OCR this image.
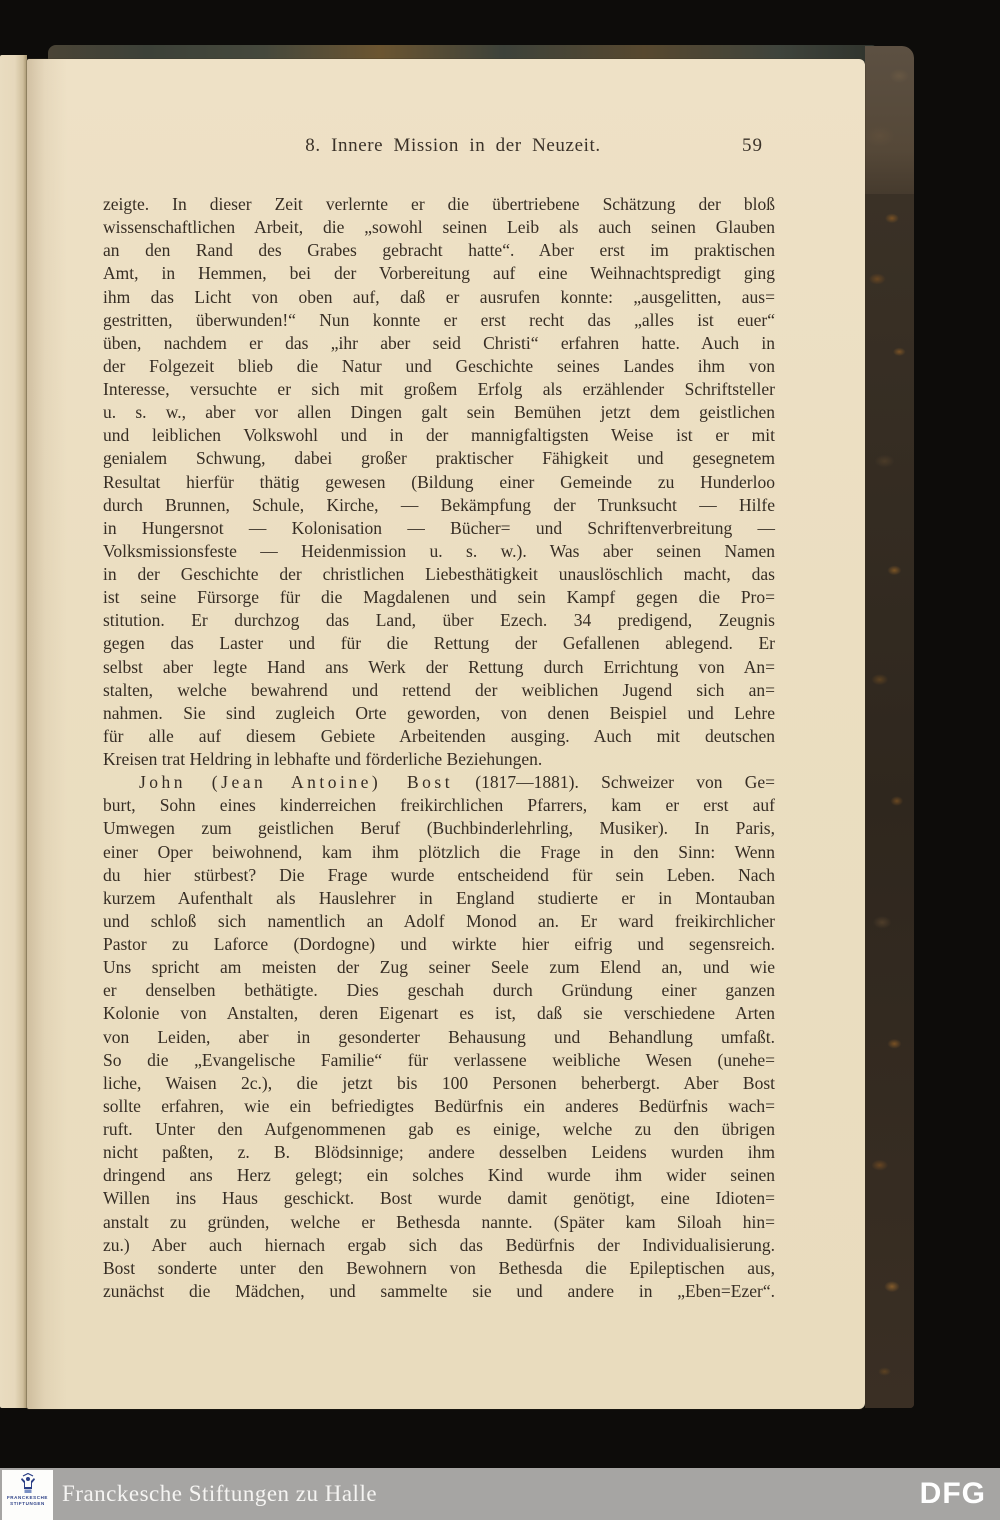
8. Innere Mission in der Neuzeit.	59
zeigte. In dieser Zeit verlernte er die übertriebene Schätzung der bloß
wissenschaftlichen Arbeit, die „sowohl seinen Leib als auch seinen Glauben
an den Rand des Grabes gebracht hatte“. Aber erst im praktischen
Amt, in Hemmen, bei der Vorbereitung auf eine Weihnachtspredigt ging
ihm das Licht von oben auf, daß er ausrufen konnte: „ausgelitten, aus=
gestritten, überwunden!“ Nun konnte er erst recht das „alles ist euer“
üben, nachdem er das „ihr aber seid Christi“ erfahren hatte. Auch in
der Folgezeit blieb die Natur und Geschichte seines Landes ihm von
Interesse, versuchte er sich mit großem Erfolg als erzählender Schriftsteller
u. s. w., aber vor allen Dingen galt sein Bemühen jetzt dem geistlichen
und leiblichen Volkswohl und in der mannigfaltigsten Weise ist er mit
genialem Schwung, dabei großer praktischer Fähigkeit und gesegnetem
Resultat hierfür thätig gewesen (Bildung einer Gemeinde zu Hunderloo
durch Brunnen, Schule, Kirche, — Bekämpfung der Trunksucht — Hilfe
in Hungersnot — Kolonisation — Bücher= und Schriftenverbreitung —
Volksmissionsfeste — Heidenmission u. s. w.). Was aber seinen Namen
in der Geschichte der christlichen Liebesthätigkeit unauslöschlich macht, das
ist seine Fürsorge für die Magdalenen und sein Kampf gegen die Pro=
stitution. Er durchzog das Land, über Ezech. 34 predigend, Zeugnis
gegen das Laster und für die Rettung der Gefallenen ablegend. Er
selbst aber legte Hand ans Werk der Rettung durch Errichtung von An=
stalten, welche bewahrend und rettend der weiblichen Jugend sich an=
nahmen. Sie sind zugleich Orte geworden, von denen Beispiel und Lehre
für alle auf diesem Gebiete Arbeitenden ausging. Auch mit deutschen
Kreisen trat Heldring in lebhafte und förderliche Beziehungen.
John (Jean Antoine) Bost (1817—1881). Schweizer von Ge=
burt, Sohn eines kinderreichen freikirchlichen Pfarrers, kam er erst auf
Umwegen zum geistlichen Beruf (Buchbinderlehrling, Musiker). In Paris,
einer Oper beiwohnend, kam ihm plötzlich die Frage in den Sinn: Wenn
du hier stürbest? Die Frage wurde entscheidend für sein Leben. Nach
kurzem Aufenthalt als Hauslehrer in England studierte er in Montauban
und schloß sich namentlich an Adolf Monod an. Er ward freikirchlicher
Pastor zu Laforce (Dordogne) und wirkte hier eifrig und segensreich.
Uns spricht am meisten der Zug seiner Seele zum Elend an, und wie
er denselben bethätigte. Dies geschah durch Gründung einer ganzen
Kolonie von Anstalten, deren Eigenart es ist, daß sie verschiedene Arten
von Leiden, aber in gesonderter Behausung und Behandlung umfaßt.
So die „Evangelische Familie“ für verlassene weibliche Wesen (unehe=
liche, Waisen 2c.), die jetzt bis 100 Personen beherbergt. Aber Bost
sollte erfahren, wie ein befriedigtes Bedürfnis ein anderes Bedürfnis wach=
ruft. Unter den Aufgenommenen gab es einige, welche zu den übrigen
nicht paßten, z. B. Blödsinnige; andere desselben Leidens wurden ihm
dringend ans Herz gelegt; ein solches Kind wurde ihm wider seinen
Willen ins Haus geschickt. Bost wurde damit genötigt, eine Idioten=
anstalt zu gründen, welche er Bethesda nannte. (Später kam Siloah hin=
zu.) Aber auch hiernach ergab sich das Bedürfnis der Individualisierung.
Bost sonderte unter den Bewohnern von Bethesda die Epileptischen aus,
zunächst die Mädchen, und sammelte sie und andere in „Eben=Ezer“.
FRANCKESCHE
STIFTUNGEN Franckesche Stiftungen zu Halle	DFG
